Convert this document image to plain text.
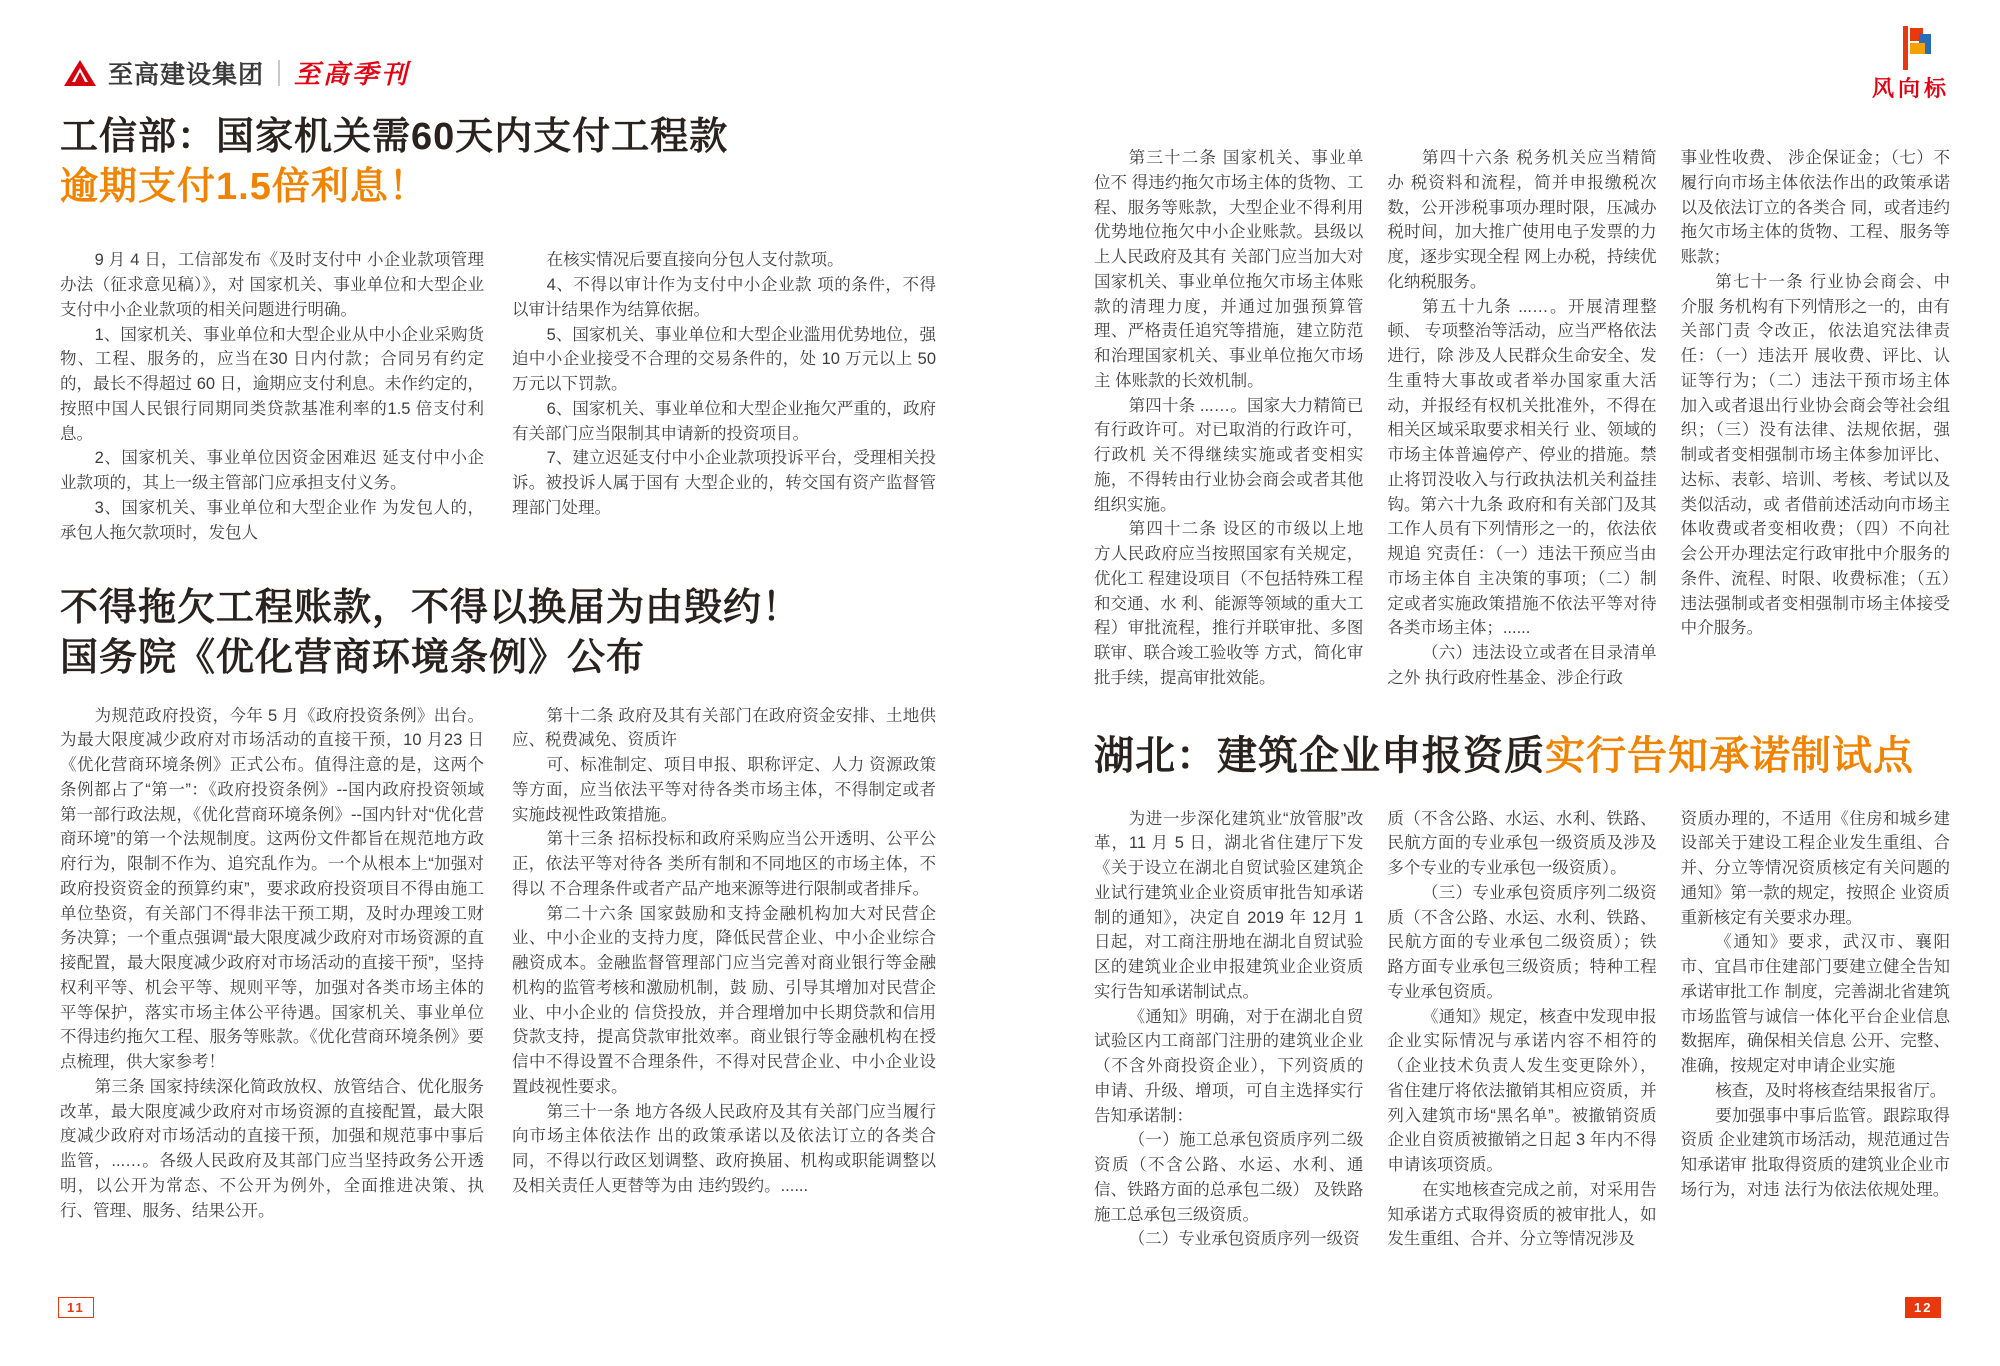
至高建设集团 至高季刊	风向标
工信部：国家机关需60天内支付工程款
逾期支付1.5倍利息！

9 月 4 日，工信部发布《及时支付中 小企业款项管理办法（征求意见稿）》，对 国家机关、事业单位和大型企业支付中小企业款项的相关问题进行明确。

1、国家机关、事业单位和大型企业从中小企业采购货物、工程、服务的，应当在30 日内付款；合同另有约定的，最长不得超过 60 日，逾期应支付利息。未作约定的，按照中国人民银行同期同类贷款基准利率的1.5 倍支付利息。

2、国家机关、事业单位因资金困难迟 延支付中小企业款项的，其上一级主管部门应承担支付义务。

3、国家机关、事业单位和大型企业作 为发包人的，承包人拖欠款项时，发包人

在核实情况后要直接向分包人支付款项。

4、不得以审计作为支付中小企业款 项的条件，不得以审计结果作为结算依据。

5、国家机关、事业单位和大型企业滥用优势地位，强迫中小企业接受不合理的交易条件的，处 10 万元以上 50 万元以下罚款。

6、国家机关、事业单位和大型企业拖欠严重的，政府有关部门应当限制其申请新的投资项目。

7、建立迟延支付中小企业款项投诉平台，受理相关投诉。被投诉人属于国有 大型企业的，转交国有资产监督管理部门处理。

不得拖欠工程账款，不得以换届为由毁约！
国务院《优化营商环境条例》公布

为规范政府投资，今年 5 月《政府投资条例》出台。为最大限度减少政府对市场活动的直接干预，10 月23 日《优化营商环境条例》正式公布。值得注意的是，这两个条例都占了“第一”：《政府投资条例》--国内政府投资领域第一部行政法规，《优化营商环境条例》--国内针对“优化营商环境”的第一个法规制度。这两份文件都旨在规范地方政府行为，限制不作为、追究乱作为。一个从根本上“加强对政府投资资金的预算约束”，要求政府投资项目不得由施工单位垫资，有关部门不得非法干预工期，及时办理竣工财务决算；一个重点强调“最大限度减少政府对市场资源的直接配置，最大限度减少政府对市场活动的直接干预”，坚持权利平等、机会平等、规则平等，加强对各类市场主体的平等保护，落实市场主体公平待遇。国家机关、事业单位不得违约拖欠工程、服务等账款。《优化营商环境条例》要点梳理，供大家参考！

第三条 国家持续深化简政放权、放管结合、优化服务改革，最大限度减少政府对市场资源的直接配置，最大限度减少政府对市场活动的直接干预，加强和规范事中事后监管，...…。各级人民政府及其部门应当坚持政务公开透明，以公开为常态、不公开为例外，全面推进决策、执行、管理、服务、结果公开。

第十二条 政府及其有关部门在政府资金安排、土地供应、税费减免、资质许

可、标准制定、项目申报、职称评定、人力 资源政策等方面，应当依法平等对待各类市场主体，不得制定或者实施歧视性政策措施。

第十三条 招标投标和政府采购应当公开透明、公平公正，依法平等对待各 类所有制和不同地区的市场主体，不得以 不合理条件或者产品产地来源等进行限制或者排斥。

第二十六条 国家鼓励和支持金融机构加大对民营企业、中小企业的支持力度，降低民营企业、中小企业综合融资成本。金融监督管理部门应当完善对商业银行等金融机构的监管考核和激励机制，鼓 励、引导其增加对民营企业、中小企业的 信贷投放，并合理增加中长期贷款和信用贷款支持，提高贷款审批效率。商业银行等金融机构在授信中不得设置不合理条件，不得对民营企业、中小企业设置歧视性要求。

第三十一条 地方各级人民政府及其有关部门应当履行向市场主体依法作 出的政策承诺以及依法订立的各类合同，不得以行政区划调整、政府换届、机构或职能调整以及相关责任人更替等为由 违约毁约。......

第三十二条 国家机关、事业单位不 得违约拖欠市场主体的货物、工程、服务等账款，大型企业不得利用优势地位拖欠中小企业账款。县级以上人民政府及其有 关部门应当加大对国家机关、事业单位拖欠市场主体账款的清理力度，并通过加强预算管理、严格责任追究等措施，建立防范和治理国家机关、事业单位拖欠市场主 体账款的长效机制。

第四十条 ...…。国家大力精简已有行政许可。对已取消的行政许可，行政机 关不得继续实施或者变相实施，不得转由行业协会商会或者其他组织实施。

第四十二条 设区的市级以上地方人民政府应当按照国家有关规定，优化工 程建设项目（不包括特殊工程和交通、水 利、能源等领域的重大工程）审批流程，推行并联审批、多图联审、联合竣工验收等 方式，简化审批手续，提高审批效能。

第四十六条 税务机关应当精简办 税资料和流程，简并申报缴税次数，公开涉税事项办理时限，压减办税时间，加大推广使用电子发票的力度，逐步实现全程 网上办税，持续优化纳税服务。

第五十九条 ...…。开展清理整顿、 专项整治等活动，应当严格依法进行，除 涉及人民群众生命安全、发生重特大事故或者举办国家重大活动，并报经有权机关批准外，不得在相关区域采取要求相关行 业、领域的市场主体普遍停产、停业的措施。禁止将罚没收入与行政执法机关利益挂钩。第六十九条 政府和有关部门及其工作人员有下列情形之一的，依法依规追 究责任：（一）违法干预应当由市场主体自 主决策的事项；（二）制定或者实施政策措施不依法平等对待各类市场主体；......

（六）违法设立或者在目录清单之外 执行政府性基金、涉企行政

事业性收费、 涉企保证金；（七）不履行向市场主体依法作出的政策承诺以及依法订立的各类合 同，或者违约拖欠市场主体的货物、工程、服务等账款；

第七十一条 行业协会商会、中介服 务机构有下列情形之一的，由有关部门责 令改正，依法追究法律责任：（一）违法开 展收费、评比、认证等行为；（二）违法干预市场主体加入或者退出行业协会商会等社会组织；（三）没有法律、法规依据，强制或者变相强制市场主体参加评比、达标、表彰、培训、考核、考试以及类似活动，或 者借前述活动向市场主体收费或者变相收费；（四）不向社会公开办理法定行政审批中介服务的条件、流程、时限、收费标准；（五）违法强制或者变相强制市场主体接受中介服务。

湖北：建筑企业申报资质实行告知承诺制试点

为进一步深化建筑业“放管服”改革，11 月 5 日，湖北省住建厅下发《关于设立在湖北自贸试验区建筑企业试行建筑业企业资质审批告知承诺制的通知》，决定自 2019 年 12月 1 日起，对工商注册地在湖北自贸试验区的建筑业企业申报建筑业企业资质实行告知承诺制试点。

《通知》明确，对于在湖北自贸试验区内工商部门注册的建筑业企业（不含外商投资企业），下列资质的申请、升级、增项，可自主选择实行告知承诺制：

（一）施工总承包资质序列二级资质（不含公路、水运、水利、通信、铁路方面的总承包二级） 及铁路施工总承包三级资质。

（二）专业承包资质序列一级资

质（不含公路、水运、水利、铁路、民航方面的专业承包一级资质及涉及多个专业的专业承包一级资质）。

（三）专业承包资质序列二级资质（不含公路、水运、水利、铁路、 民航方面的专业承包二级资质）；铁路方面专业承包三级资质；特种工程专业承包资质。

《通知》规定，核查中发现申报企业实际情况与承诺内容不相符的（企业技术负责人发生变更除外），省住建厅将依法撤销其相应资质，并列入建筑市场“黑名单”。被撤销资质企业自资质被撤销之日起 3 年内不得申请该项资质。

在实地核查完成之前，对采用告知承诺方式取得资质的被审批人，如发生重组、合并、分立等情况涉及

资质办理的，不适用《住房和城乡建设部关于建设工程企业发生重组、合并、分立等情况资质核定有关问题的通知》第一款的规定，按照企 业资质重新核定有关要求办理。

《通知》要求，武汉市、襄阳市、宜昌市住建部门要建立健全告知承诺审批工作 制度，完善湖北省建筑市场监管与诚信一体化平台企业信息数据库，确保相关信息 公开、完整、准确，按规定对申请企业实施

核查，及时将核查结果报省厅。

要加强事中事后监管。跟踪取得资质 企业建筑市场活动，规范通过告知承诺审 批取得资质的建筑业企业市场行为，对违 法行为依法依规处理。

11	12
